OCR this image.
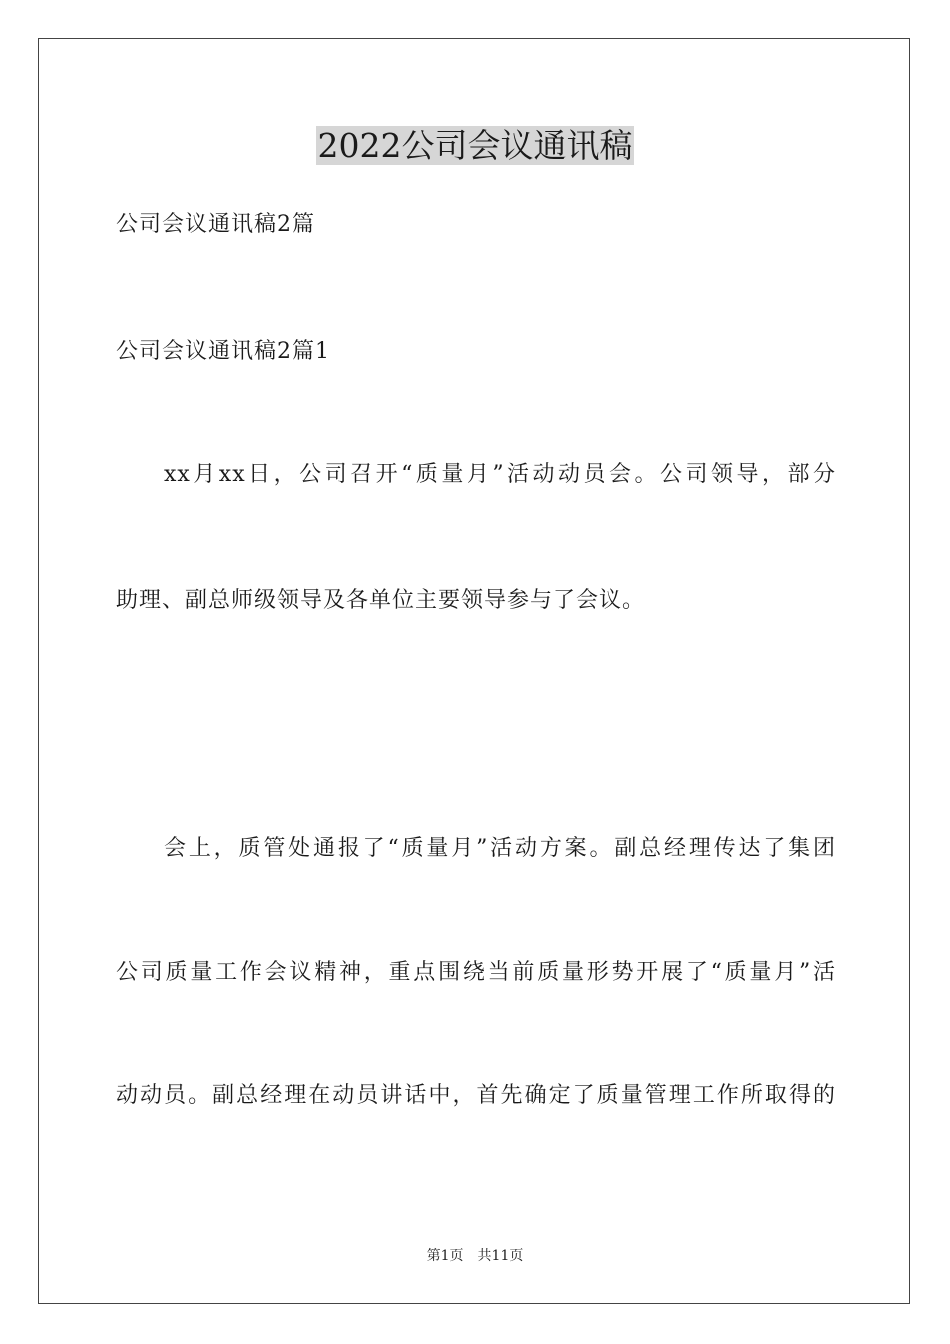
2022公司会议通讯稿
公司会议通讯稿2篇
公司会议通讯稿2篇1
xx月xx日，公司召开“质量月”活动动员会。公司领导，部分
助理、副总师级领导及各单位主要领导参与了会议。
会上，质管处通报了“质量月”活动方案。副总经理传达了集团
公司质量工作会议精神，重点围绕当前质量形势开展了“质量月”活
动动员。副总经理在动员讲话中，首先确定了质量管理工作所取得的
第1页 共11页
